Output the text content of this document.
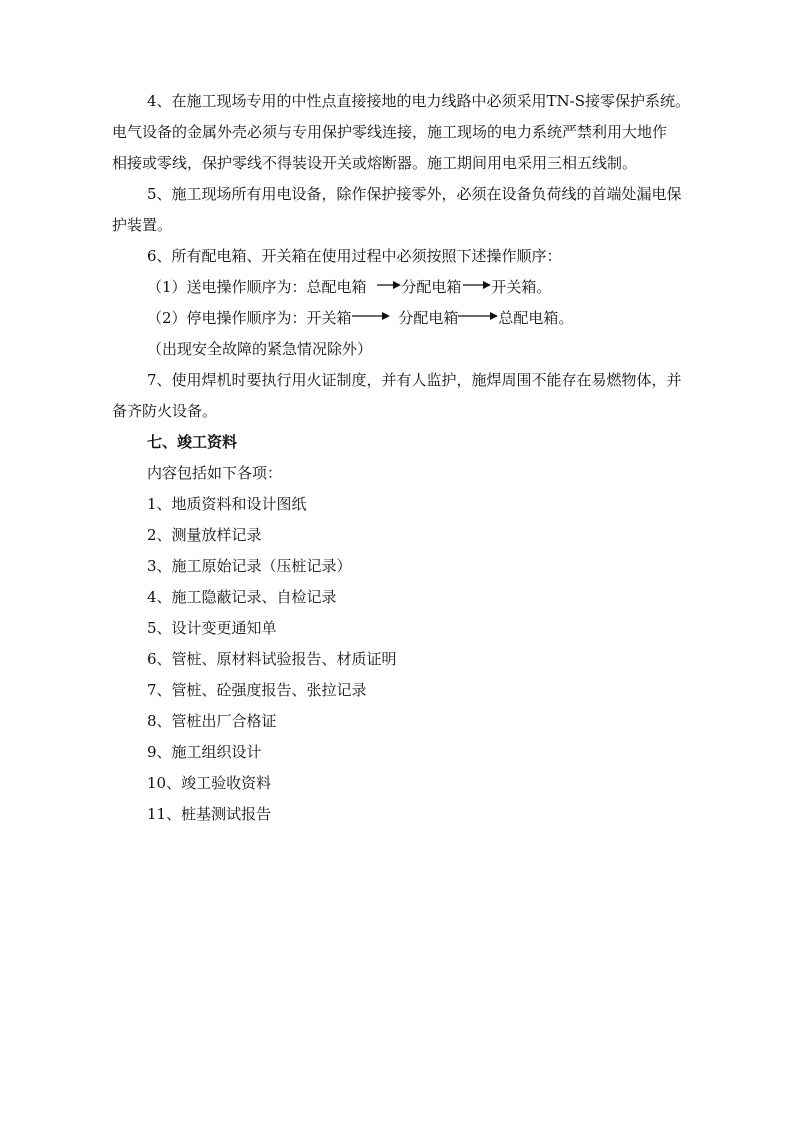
4、在施工现场专用的中性点直接接地的电力线路中必须采用TN-S接零保护系统。
电气设备的金属外壳必须与专用保护零线连接，施工现场的电力系统严禁利用大地作
相接或零线，保护零线不得装设开关或熔断器。施工期间用电采用三相五线制。
5、施工现场所有用电设备，除作保护接零外，必须在设备负荷线的首端处漏电保
护装置。
6、所有配电箱、开关箱在使用过程中必须按照下述操作顺序：
（1）送电操作顺序为：总配电箱 分配电箱 开关箱。
（2）停电操作顺序为：开关箱	分配电箱	总配电箱。
（出现安全故障的紧急情况除外）
7、使用焊机时要执行用火证制度，并有人监护，施焊周围不能存在易燃物体，并
备齐防火设备。
七、竣工资料
内容包括如下各项：
1、地质资料和设计图纸
2、测量放样记录
3、施工原始记录（压桩记录）
4、施工隐蔽记录、自检记录
5、设计变更通知单
6、管桩、原材料试验报告、材质证明
7、管桩、砼强度报告、张拉记录
8、管桩出厂合格证
9、施工组织设计
10、竣工验收资料
11、桩基测试报告
